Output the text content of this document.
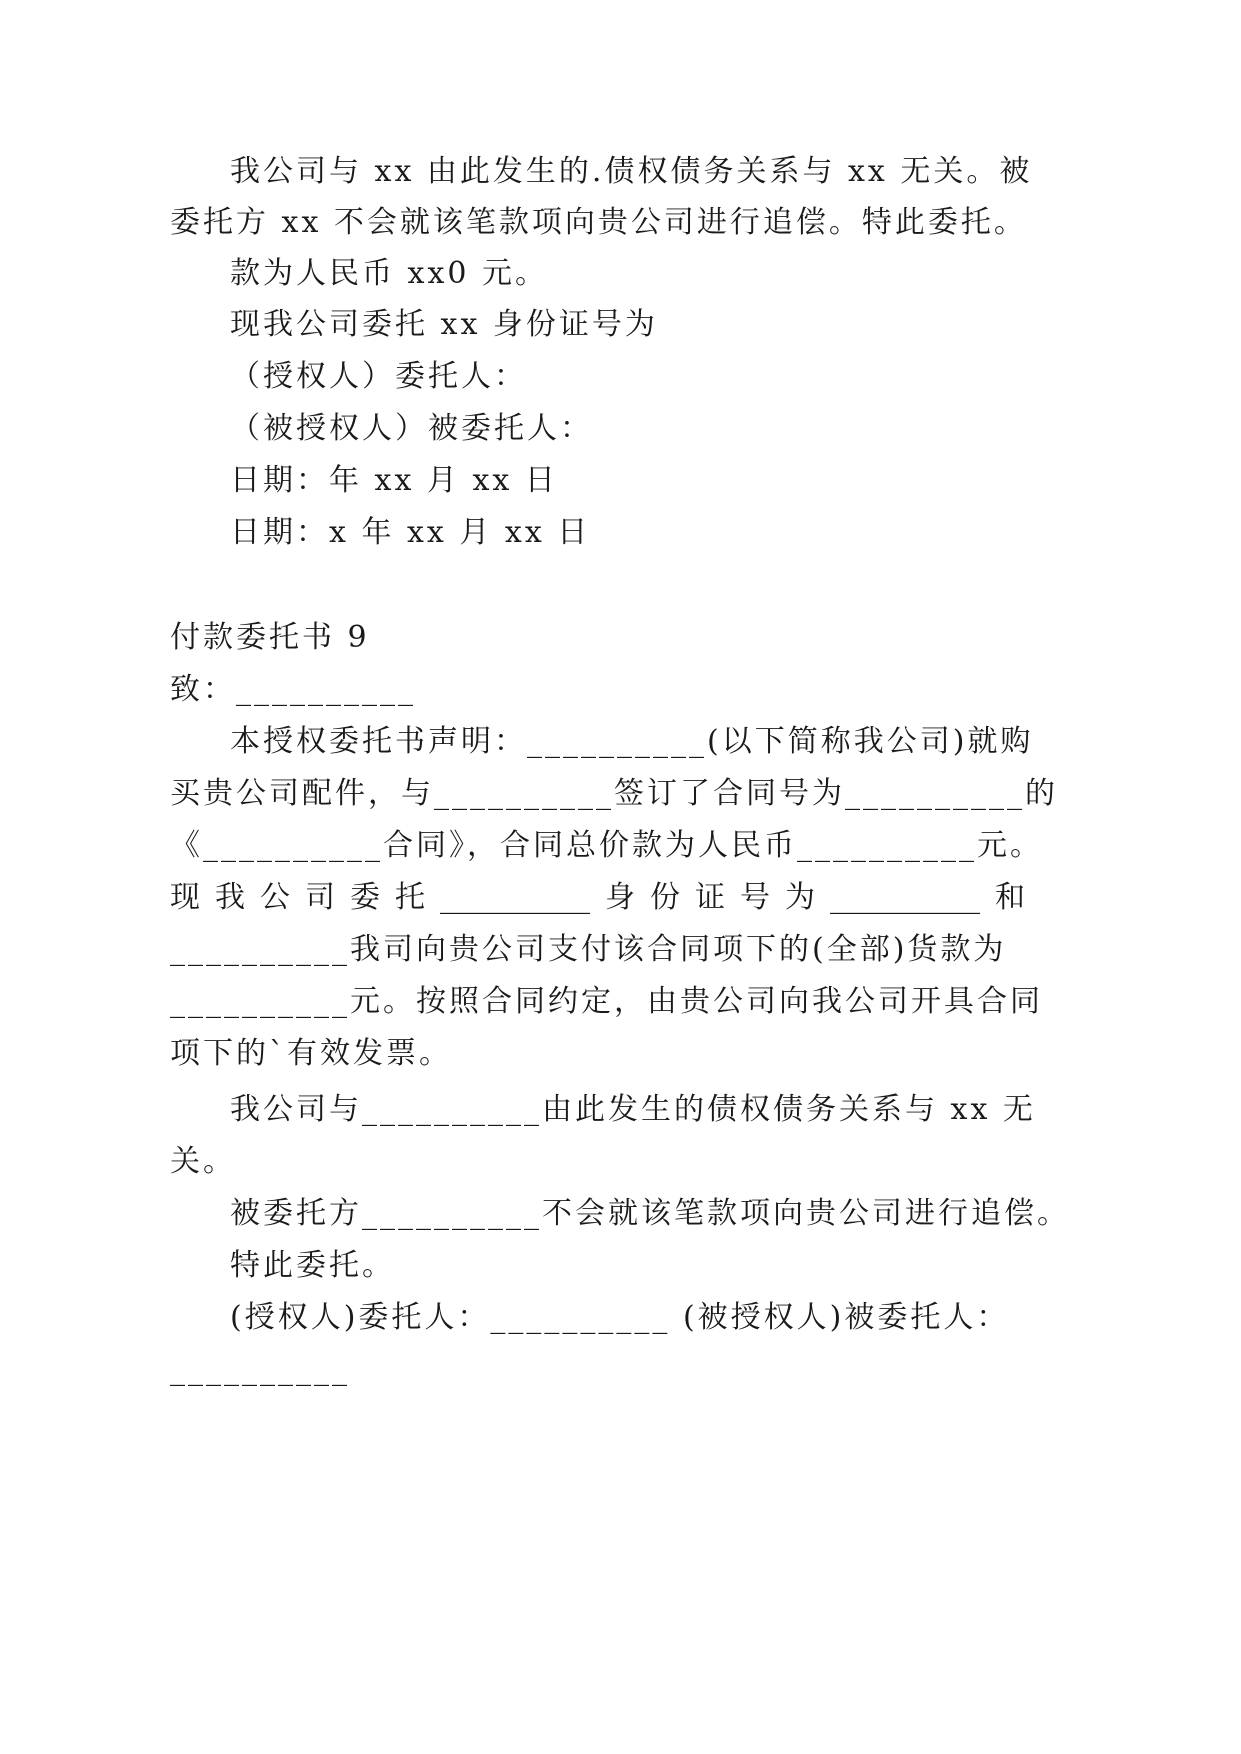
我公司与 xx 由此发生的.债权债务关系与 xx 无关。被
委托方 xx 不会就该笔款项向贵公司进行追偿。特此委托。
款为人民币 xx0 元。
现我公司委托 xx 身份证号为
（授权人）委托人：
（被授权人）被委托人：
日期：年 xx 月 xx 日
日期：x 年 xx 月 xx 日
付款委托书 9
致：__________
本授权委托书声明：__________(以下简称我公司)就购
买贵公司配件，与__________签订了合同号为__________的
《__________合同》，合同总价款为人民币__________元。
现 我 公 司 委 托 __________ 身 份 证 号 为 __________ 和
__________我司向贵公司支付该合同项下的(全部)货款为
__________元。按照合同约定，由贵公司向我公司开具合同
项下的`有效发票。
我公司与__________由此发生的债权债务关系与 xx 无
关。
被委托方__________不会就该笔款项向贵公司进行追偿。
特此委托。
(授权人)委托人：__________ (被授权人)被委托人：
__________
